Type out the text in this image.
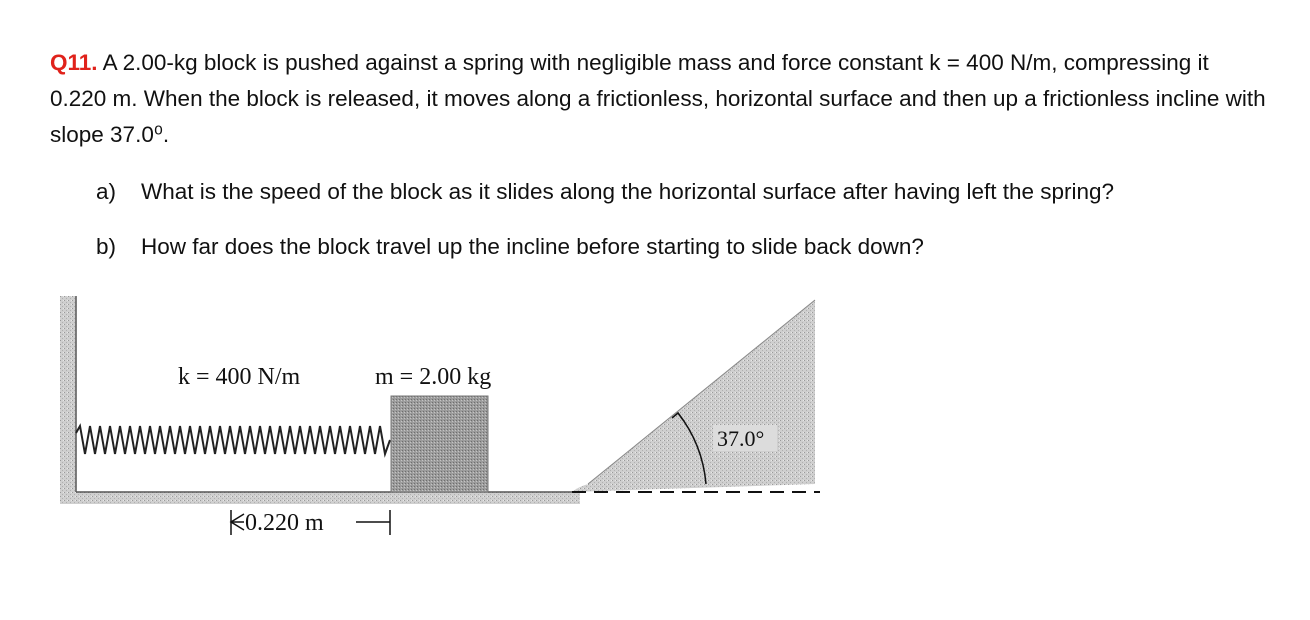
Q11. A 2.00-kg block is pushed against a spring with negligible mass and force constant k = 400 N/m, compressing it 0.220 m. When the block is released, it moves along a frictionless, horizontal surface and then up a frictionless incline with slope 37.0⁰.
a) What is the speed of the block as it slides along the horizontal surface after having left the spring?
b) How far does the block travel up the incline before starting to slide back down?
k = 400 N/m	m = 2.00 kg
0.220 m
37.0°
